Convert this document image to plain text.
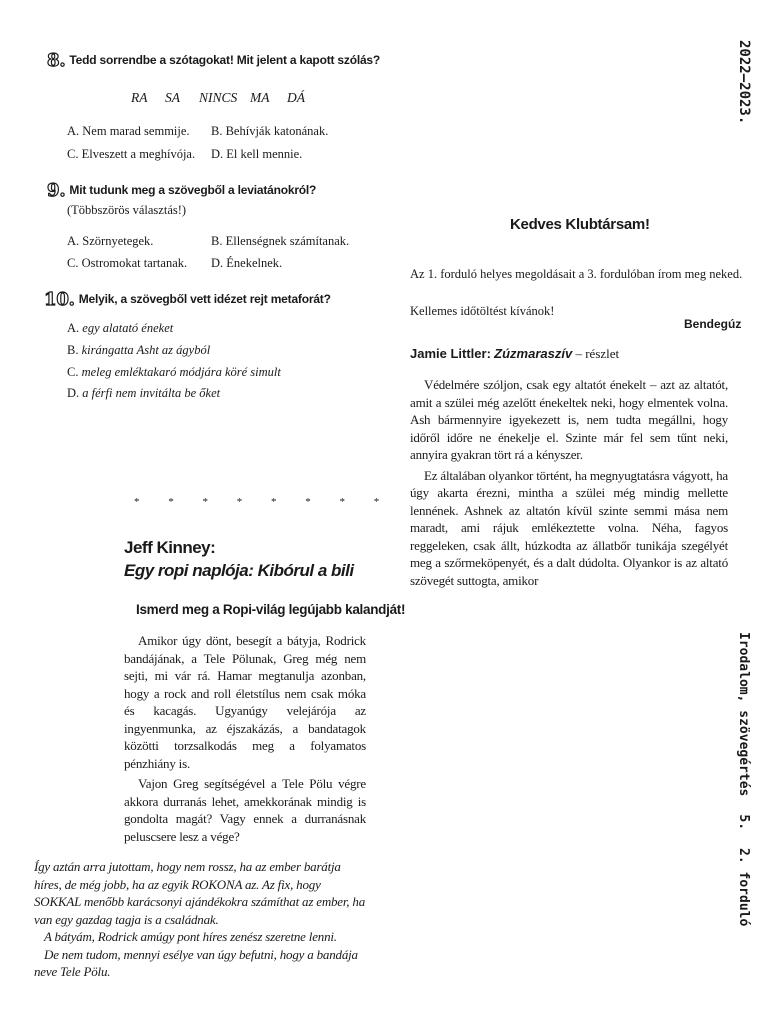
8. Tedd sorrendbe a szótagokat! Mit jelent a kapott szólás?
RA SA NINCS MA DÁ
A. Nem marad semmije. B. Behívják katonának.
C. Elveszett a meghívója. D. El kell mennie.
9. Mit tudunk meg a szövegből a leviatánokról?
(Többszörös választás!)
A. Szörnyetegek.	B. Ellenségnek számítanak.
C. Ostromokat tartanak. D. Énekelnek.
10. Melyik, a szövegből vett idézet rejt metaforát?
A. egy alatató éneket
B. kirángatta Asht az ágyból
C. meleg emléktakaró módjára köré simult
D. a férfi nem invitálta be őket
* * * * * * * *
Jeff Kinney:
Egy ropi naplója: Kibórul a bili
Ismerd meg a Ropi-világ legújabb kalandját!

Amikor úgy dönt, besegít a bátyja, Rodrick bandájának, a Tele Pölunak, Greg még nem sejti, mi vár rá. Hamar megtanulja azonban, hogy a rock and roll életstílus nem csak móka és kacagás. Ugyanúgy velejárója az ingyenmunka, az éjszakázás, a bandatagok közötti torzsalkodás meg a folyamatos pénzhiány is.

Vajon Greg segítségével a Tele Pölu végre akkora durranás lehet, amekkorának mindig is gondolta magát? Vagy ennek a durranásnak peluscsere lesz a vége?

Így aztán arra jutottam, hogy nem rossz, ha az ember barátja híres, de még jobb, ha az egyik ROKONA az. Az fix, hogy SOKKAL menőbb karácsonyi ajándékokra számíthat az ember, ha van egy gazdag tagja is a családnak.

A bátyám, Rodrick amúgy pont híres zenész szeretne lenni.

De nem tudom, mennyi esélye van úgy befutni, hogy a bandája neve Tele Pölu.

Kedves Klubtársam!
Az 1. forduló helyes megoldásait a 3. fordulóban írom meg neked.
Kellemes időtöltést kívánok!
Bendegúz
Jamie Littler: Zúzmaraszív – részlet

Védelmére szóljon, csak egy altatót énekelt – azt az altatót, amit a szülei még azelőtt énekeltek neki, hogy elmentek volna. Ash bármennyire igyekezett is, nem tudta megállni, hogy időről időre ne énekelje el. Szinte már fel sem tűnt neki, annyira gyakran tört rá a kényszer.

Ez általában olyankor történt, ha megnyugtatásra vágyott, ha úgy akarta érezni, mintha a szülei még mindig mellette lennének. Ashnek az altatón kívül szinte semmi mása nem maradt, ami rájuk emlékeztette volna. Néha, fagyos reggeleken, csak állt, húzkodta az állatbőr tunikája szegélyét meg a szőrmeköpenyét, és a dalt dúdolta. Olyankor is az altató szövegét suttogta, amikor

2022–2023.
Irodalom, szövegértés5.2. forduló
